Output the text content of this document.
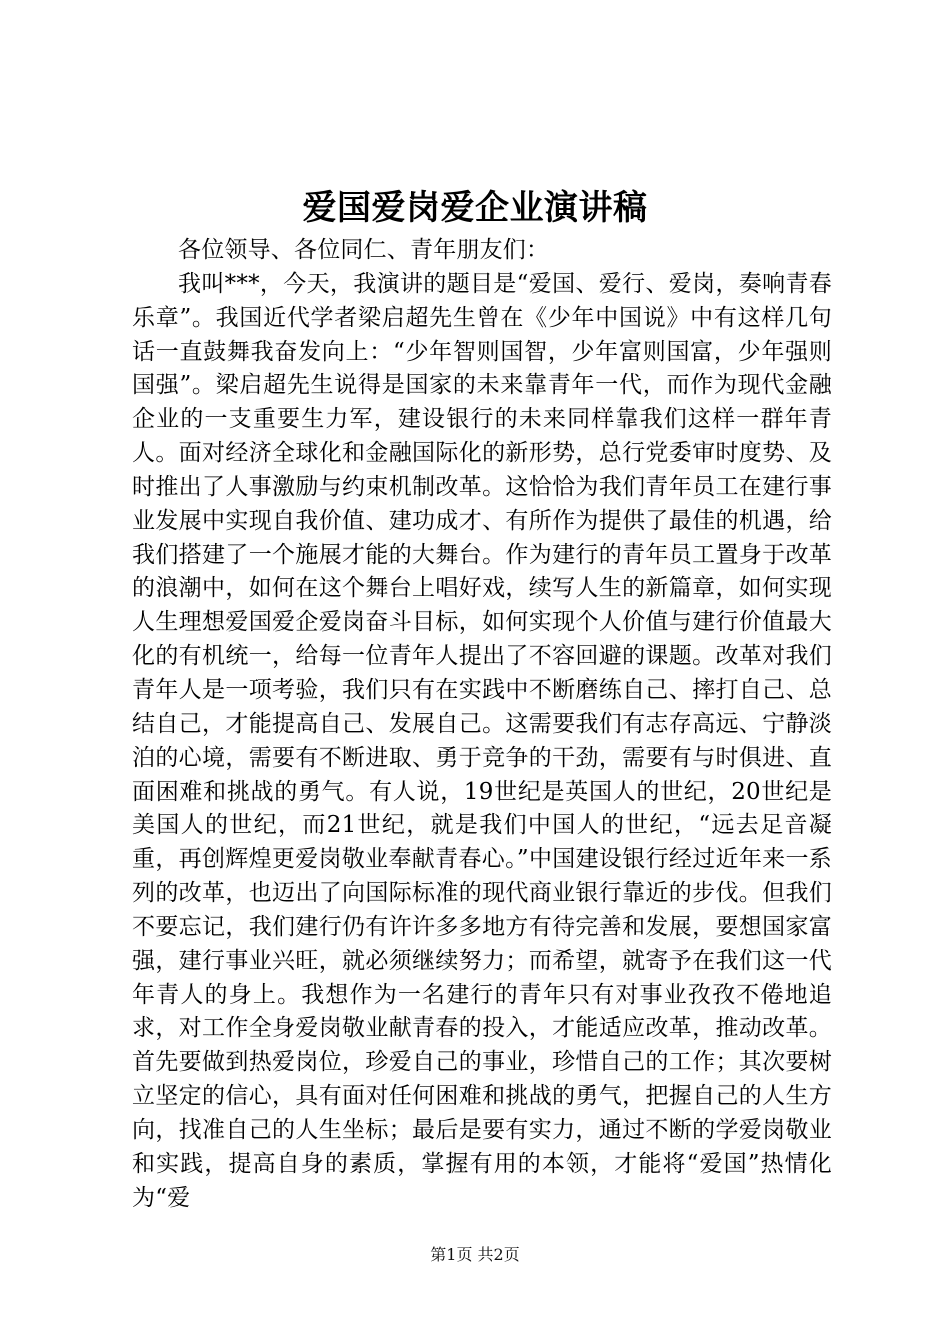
爱国爱岗爱企业演讲稿

各位领导、各位同仁、青年朋友们：

我叫***，今天，我演讲的题目是“爱国、爱行、爱岗，奏响青春乐章”。我国近代学者梁启超先生曾在《少年中国说》中有这样几句话一直鼓舞我奋发向上：“少年智则国智，少年富则国富，少年强则国强”。梁启超先生说得是国家的未来靠青年一代，而作为现代金融企业的一支重要生力军，建设银行的未来同样靠我们这样一群年青人。面对经济全球化和金融国际化的新形势，总行党委审时度势、及时推出了人事激励与约束机制改革。这恰恰为我们青年员工在建行事业发展中实现自我价值、建功成才、有所作为提供了最佳的机遇，给我们搭建了一个施展才能的大舞台。作为建行的青年员工置身于改革的浪潮中，如何在这个舞台上唱好戏，续写人生的新篇章，如何实现人生理想爱国爱企爱岗奋斗目标，如何实现个人价值与建行价值最大化的有机统一，给每一位青年人提出了不容回避的课题。改革对我们青年人是一项考验，我们只有在实践中不断磨练自己、摔打自己、总结自己，才能提高自己、发展自己。这需要我们有志存高远、宁静淡泊的心境，需要有不断进取、勇于竞争的干劲，需要有与时俱进、直面困难和挑战的勇气。有人说，19世纪是英国人的世纪，20世纪是美国人的世纪，而21世纪，就是我们中国人的世纪，“远去足音凝重，再创辉煌更爱岗敬业奉献青春心。”中国建设银行经过近年来一系列的改革，也迈出了向国际标准的现代商业银行靠近的步伐。但我们不要忘记，我们建行仍有许许多多地方有待完善和发展，要想国家富强，建行事业兴旺，就必须继续努力；而希望，就寄予在我们这一代年青人的身上。我想作为一名建行的青年只有对事业孜孜不倦地追求，对工作全身爱岗敬业献青春的投入，才能适应改革，推动改革。首先要做到热爱岗位，珍爱自己的事业，珍惜自己的工作；其次要树立坚定的信心，具有面对任何困难和挑战的勇气，把握自己的人生方向，找准自己的人生坐标；最后是要有实力，通过不断的学爱岗敬业和实践，提高自身的素质，掌握有用的本领，才能将“爱国”热情化为“爱

第1页 共2页
